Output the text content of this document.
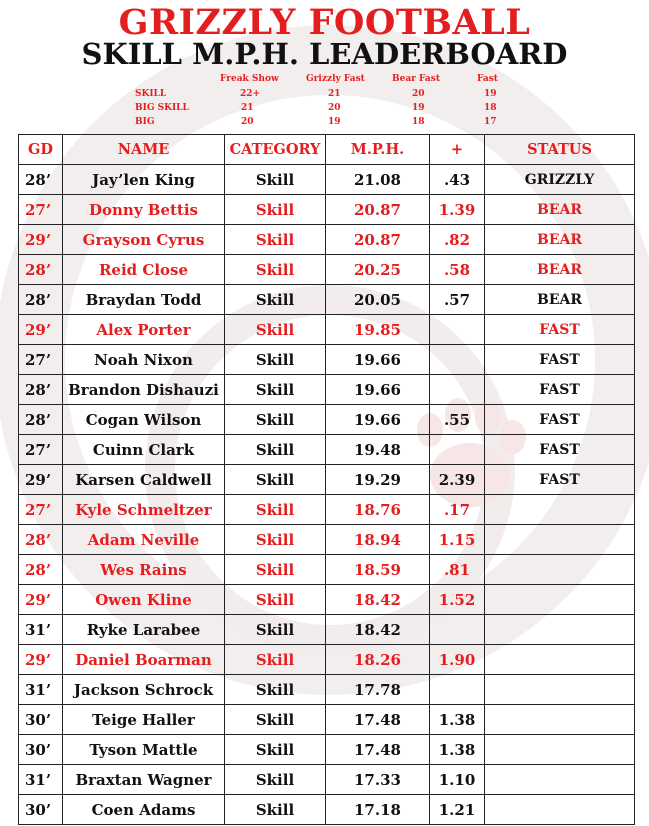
GRIZZLY FOOTBALL
SKILL M.P.H. LEADERBOARD
Freak Show	Grizzly Fast	Bear Fast	Fast
SKILL	22+	21	20	19
BIG SKILL	21	20	19	18
BIG	20	19	18	17
GD	NAME	CATEGORY	M.P.H.	+	STATUS
28’	Jay’len King	Skill	21.08	.43	GRIZZLY
27’	Donny Bettis	Skill	20.87	1.39	BEAR
29’	Grayson Cyrus	Skill	20.87	.82	BEAR
28’	Reid Close	Skill	20.25	.58	BEAR
28’	Braydan Todd	Skill	20.05	.57	BEAR
29’	Alex Porter	Skill	19.85		FAST
27’	Noah Nixon	Skill	19.66		FAST
28’	Brandon Dishauzi	Skill	19.66		FAST
28’	Cogan Wilson	Skill	19.66	.55	FAST
27’	Cuinn Clark	Skill	19.48		FAST
29’	Karsen Caldwell	Skill	19.29	2.39	FAST
27’	Kyle Schmeltzer	Skill	18.76	.17	
28’	Adam Neville	Skill	18.94	1.15	
28’	Wes Rains	Skill	18.59	.81	
29’	Owen Kline	Skill	18.42	1.52	
31’	Ryke Larabee	Skill	18.42		
29’	Daniel Boarman	Skill	18.26	1.90	
31’	Jackson Schrock	Skill	17.78		
30’	Teige Haller	Skill	17.48	1.38	
30’	Tyson Mattle	Skill	17.48	1.38	
31’	Braxtan Wagner	Skill	17.33	1.10	
30’	Coen Adams	Skill	17.18	1.21	
